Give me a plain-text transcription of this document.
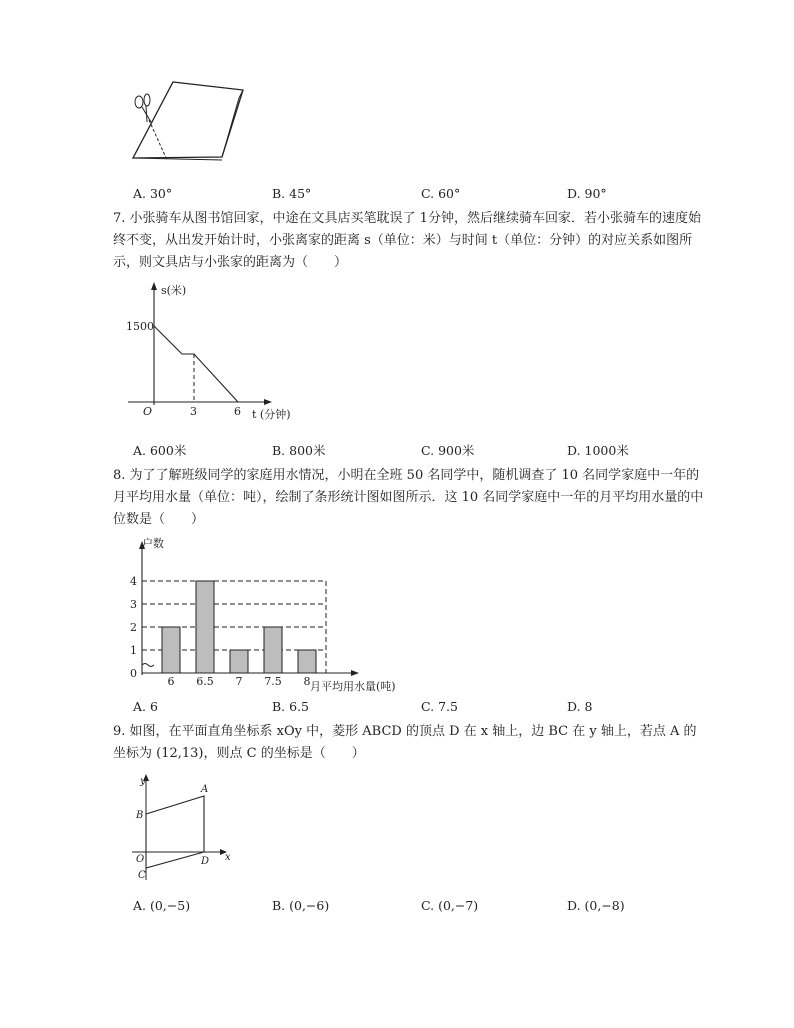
A. 30°	B. 45°	C. 60°	D. 90°

7. 小张骑车从图书馆回家，中途在文具店买笔耽误了 1分钟，然后继续骑车回家．若小张骑车的速度始终不变，从出发开始计时，小张离家的距离 s（单位：米）与时间 t（单位：分钟）的对应关系如图所示，则文具店与小张家的距离为（　　）

s(米)
1500
O	3	6 t (分钟)
A. 600米	B. 800米	C. 900米	D. 1000米

8. 为了了解班级同学的家庭用水情况，小明在全班 50 名同学中，随机调查了 10 名同学家庭中一年的月平均用水量（单位：吨），绘制了条形统计图如图所示．这 10 名同学家庭中一年的月平均用水量的中位数是（　　）

6 6.5 7 7.5 8
0
1
2
3
4
户数
月平均用水量(吨)
A. 6	B. 6.5	C. 7.5	D. 8

9. 如图，在平面直角坐标系 xOy 中，菱形 ABCD 的顶点 D 在 x 轴上，边 BC 在 y 轴上，若点 A 的坐标为 (12,13)，则点 C 的坐标是（　　）

y
x
A
B
O
C
D
A. (0,−5)	B. (0,−6)	C. (0,−7)	D. (0,−8)
